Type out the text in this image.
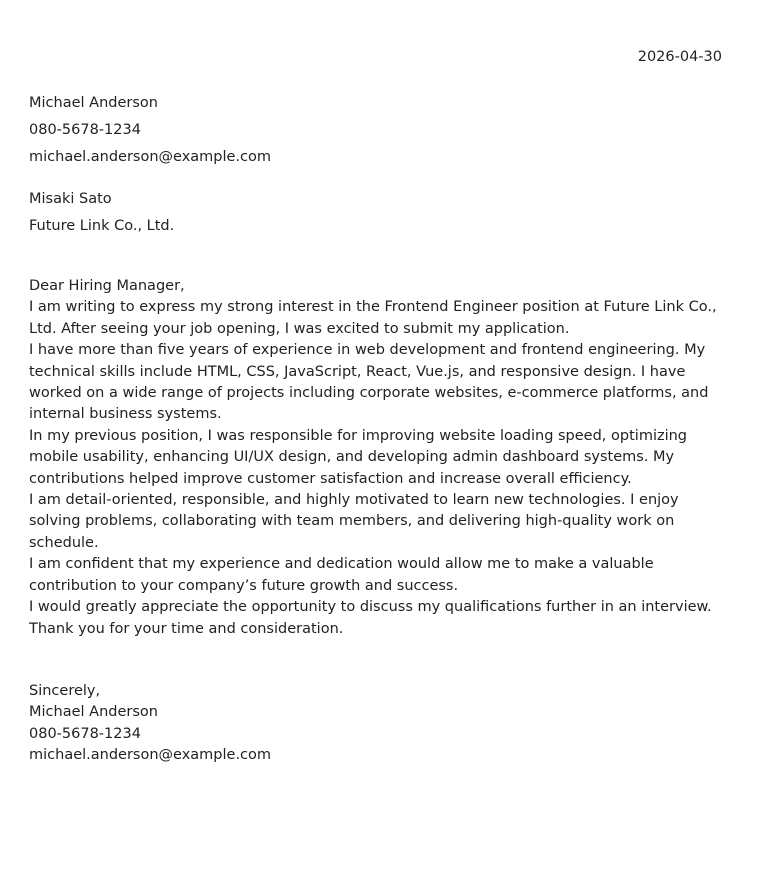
2026-04-30
Michael Anderson
080-5678-1234
michael.anderson@example.com
Misaki Sato
Future Link Co., Ltd.

Dear Hiring Manager,

I am writing to express my strong interest in the Frontend Engineer position at Future Link Co., Ltd. After seeing your job opening, I was excited to submit my application.

I have more than five years of experience in web development and frontend engineering. My technical skills include HTML, CSS, JavaScript, React, Vue.js, and responsive design. I have worked on a wide range of projects including corporate websites, e-commerce platforms, and internal business systems.

In my previous position, I was responsible for improving website loading speed, optimizing mobile usability, enhancing UI/UX design, and developing admin dashboard systems. My contributions helped improve customer satisfaction and increase overall efficiency.

I am detail-oriented, responsible, and highly motivated to learn new technologies. I enjoy solving problems, collaborating with team members, and delivering high-quality work on schedule.

I am confident that my experience and dedication would allow me to make a valuable contribution to your company’s future growth and success.

I would greatly appreciate the opportunity to discuss my qualifications further in an interview.

Thank you for your time and consideration.

Sincerely,
Michael Anderson
080-5678-1234
michael.anderson@example.com
